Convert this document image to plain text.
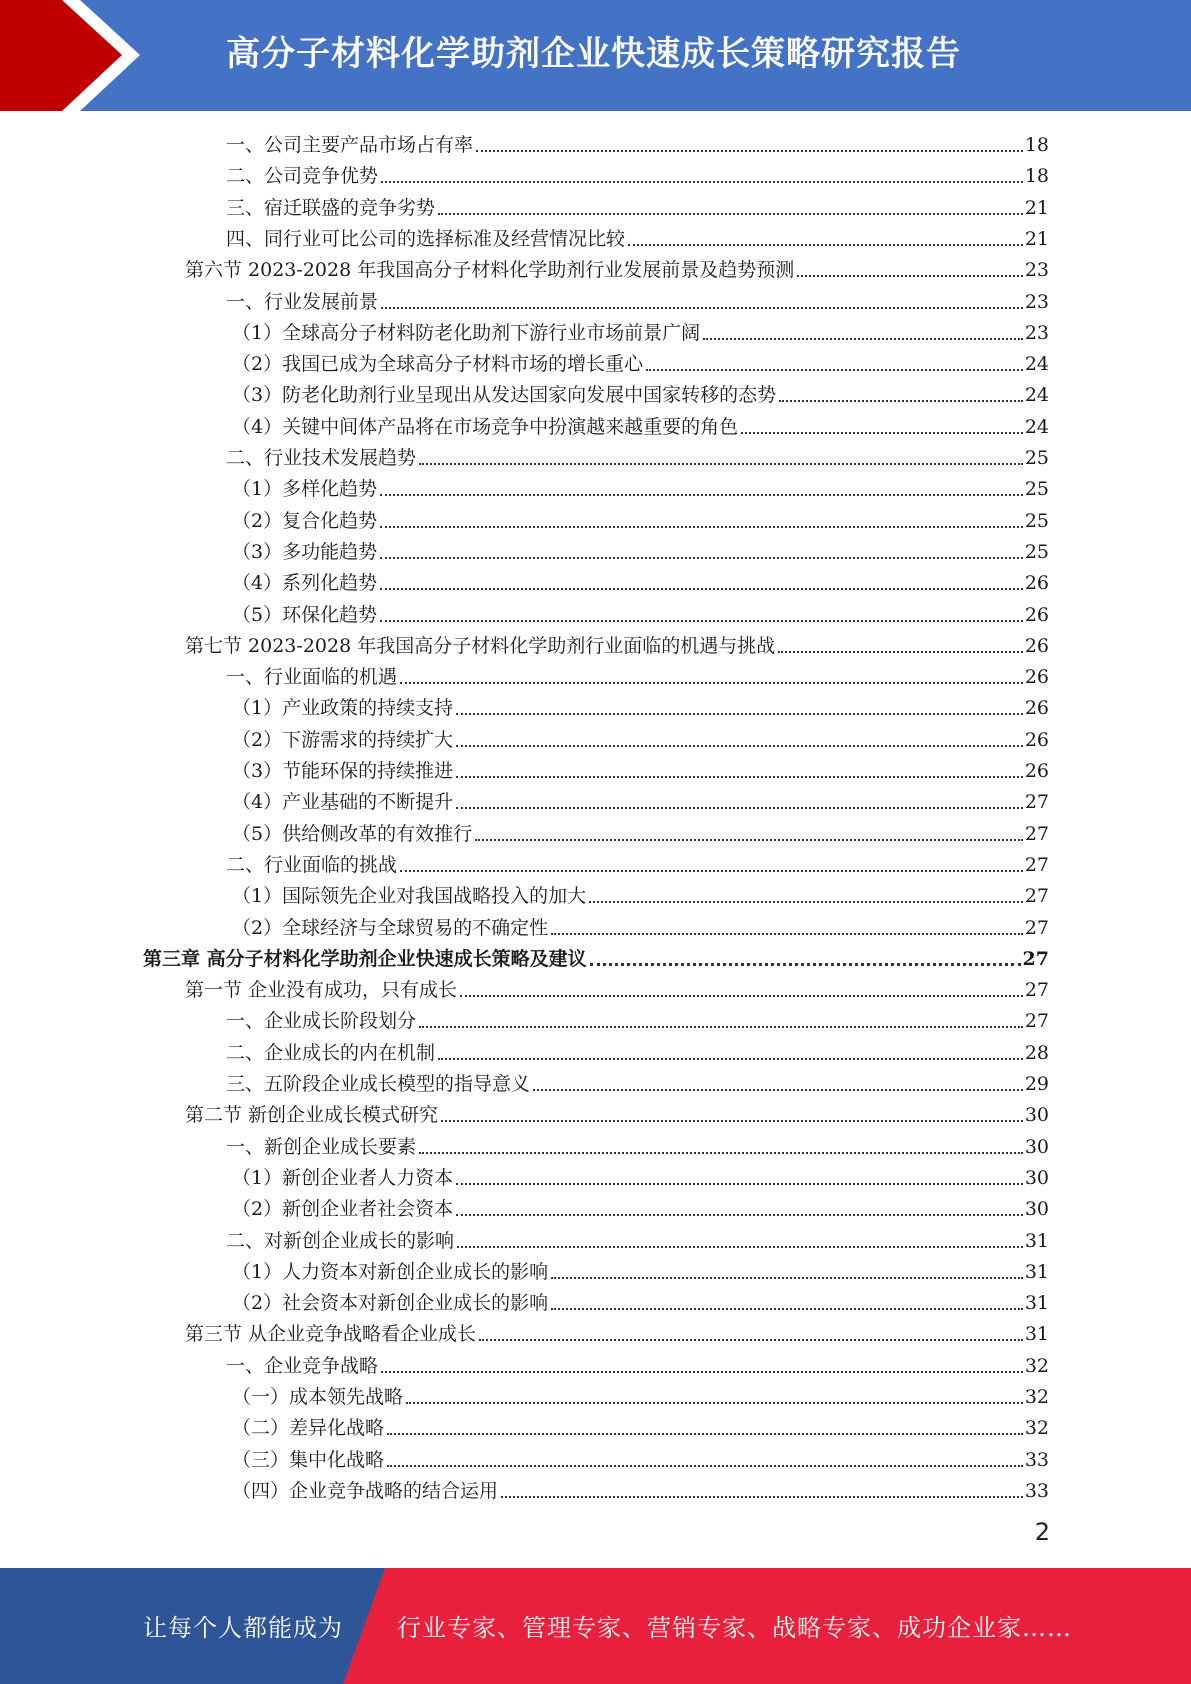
高分子材料化学助剂企业快速成长策略研究报告
一、公司主要产品市场占有率	18
二、公司竞争优势	18
三、宿迁联盛的竞争劣势	21
四、同行业可比公司的选择标准及经营情况比较	21
第六节 2023-2028 年我国高分子材料化学助剂行业发展前景及趋势预测	23
一、行业发展前景	23
（1）全球高分子材料防老化助剂下游行业市场前景广阔	23
（2）我国已成为全球高分子材料市场的增长重心	24
（3）防老化助剂行业呈现出从发达国家向发展中国家转移的态势	24
（4）关键中间体产品将在市场竞争中扮演越来越重要的角色	24
二、行业技术发展趋势	25
（1）多样化趋势	25
（2）复合化趋势	25
（3）多功能趋势	25
（4）系列化趋势	26
（5）环保化趋势	26
第七节 2023-2028 年我国高分子材料化学助剂行业面临的机遇与挑战	26
一、行业面临的机遇	26
（1）产业政策的持续支持	26
（2）下游需求的持续扩大	26
（3）节能环保的持续推进	26
（4）产业基础的不断提升	27
（5）供给侧改革的有效推行	27
二、行业面临的挑战	27
（1）国际领先企业对我国战略投入的加大	27
（2）全球经济与全球贸易的不确定性	27
第三章 高分子材料化学助剂企业快速成长策略及建议	27
第一节 企业没有成功，只有成长	27
一、企业成长阶段划分	27
二、企业成长的内在机制	28
三、五阶段企业成长模型的指导意义	29
第二节 新创企业成长模式研究	30
一、新创企业成长要素	30
（1）新创企业者人力资本	30
（2）新创企业者社会资本	30
二、对新创企业成长的影响	31
（1）人力资本对新创企业成长的影响	31
（2）社会资本对新创企业成长的影响	31
第三节 从企业竞争战略看企业成长	31
一、企业竞争战略	32
（一）成本领先战略	32
（二）差异化战略	32
（三）集中化战略	33
（四）企业竞争战略的结合运用	33
2
让每个人都能成为 行业专家、管理专家、营销专家、战略专家、成功企业家……
